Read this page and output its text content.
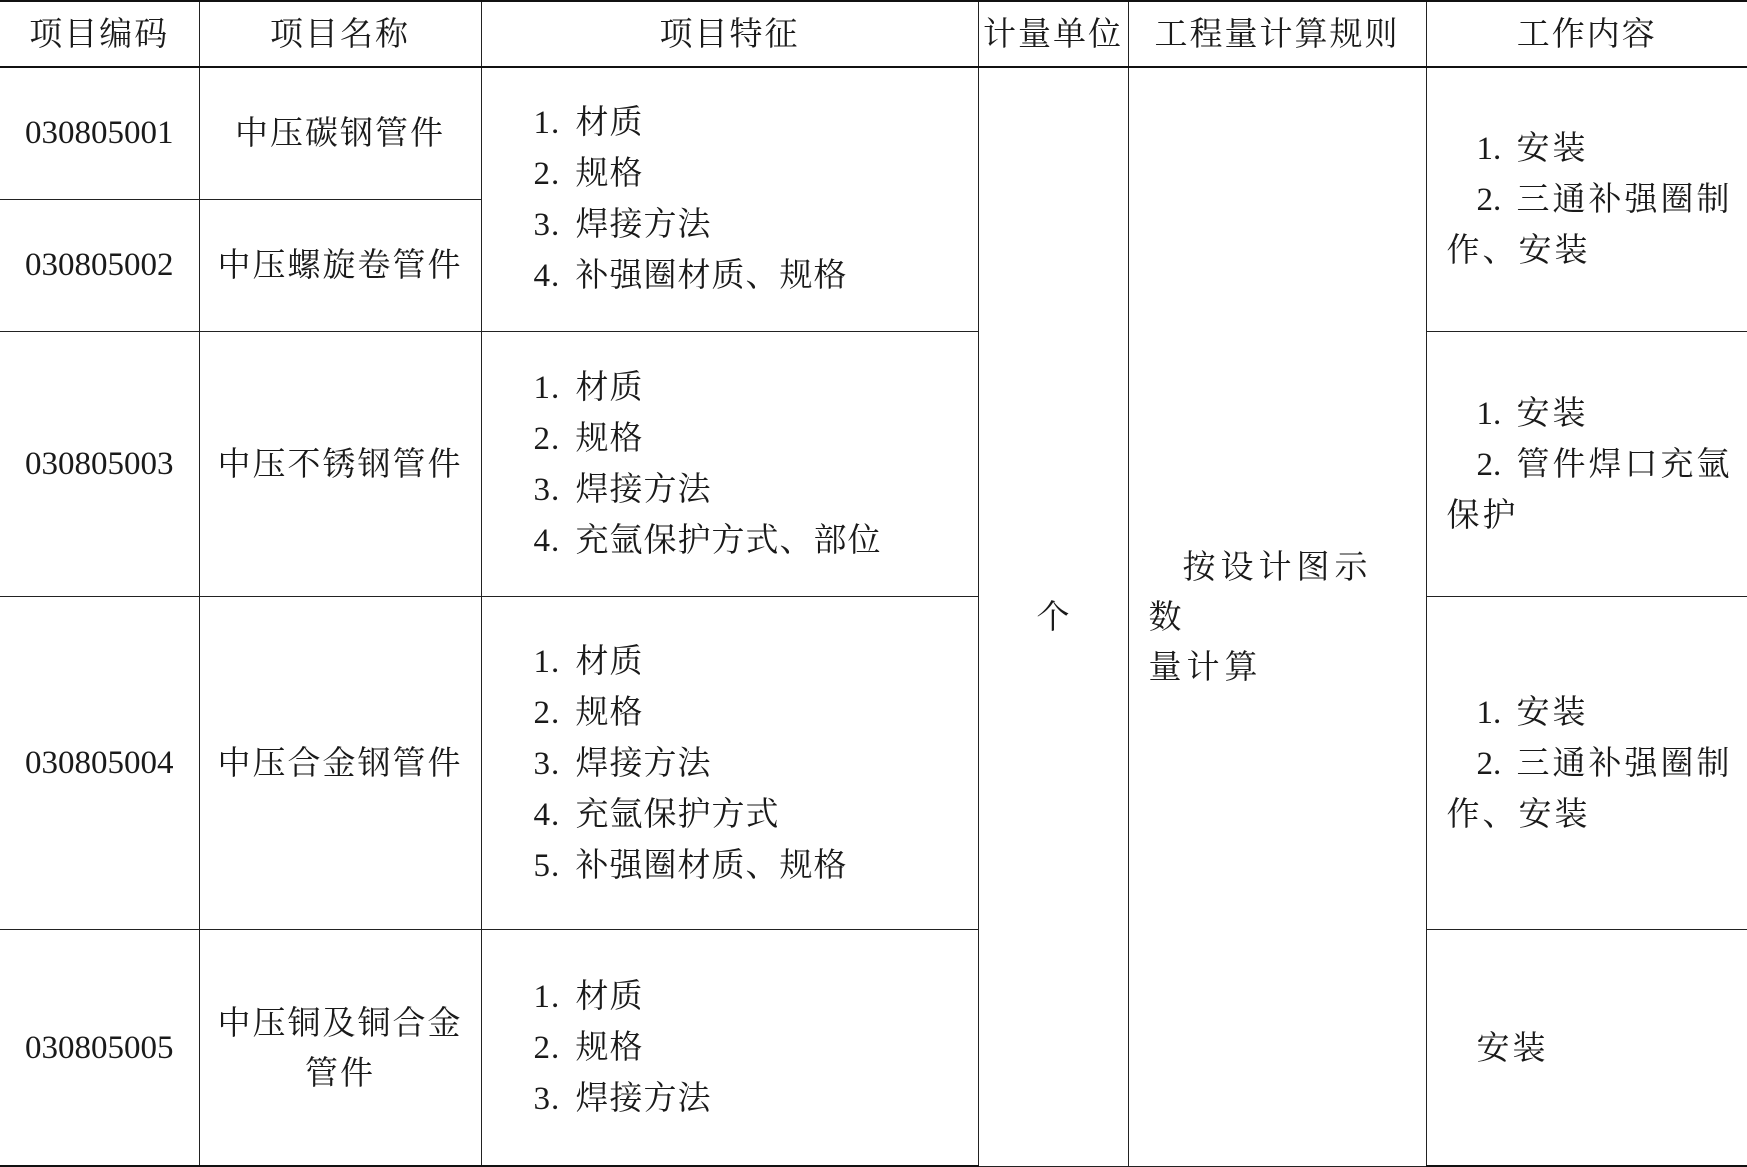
项目编码	项目名称	项目特征	计量单位	工程量计算规则	工作内容
030805001	中压碳钢管件	1. 材质
2. 规格
3. 焊接方法
4. 补强圈材质、规格	个	按设计图示数
量计算	1. 安装
2. 三通补强圈制
作、安装

030805002	中压螺旋卷管件				

030805003	中压不锈钢管件	1. 材质
2. 规格
3. 焊接方法
4. 充氩保护方式、部位			1. 安装
2. 管件焊口充氩
保护

030805004	中压合金钢管件	1. 材质
2. 规格
3. 焊接方法
4. 充氩保护方式
5. 补强圈材质、规格			1. 安装
2. 三通补强圈制
作、安装

030805005	中压铜及铜合金
管件	1. 材质
2. 规格
3. 焊接方法			安装
